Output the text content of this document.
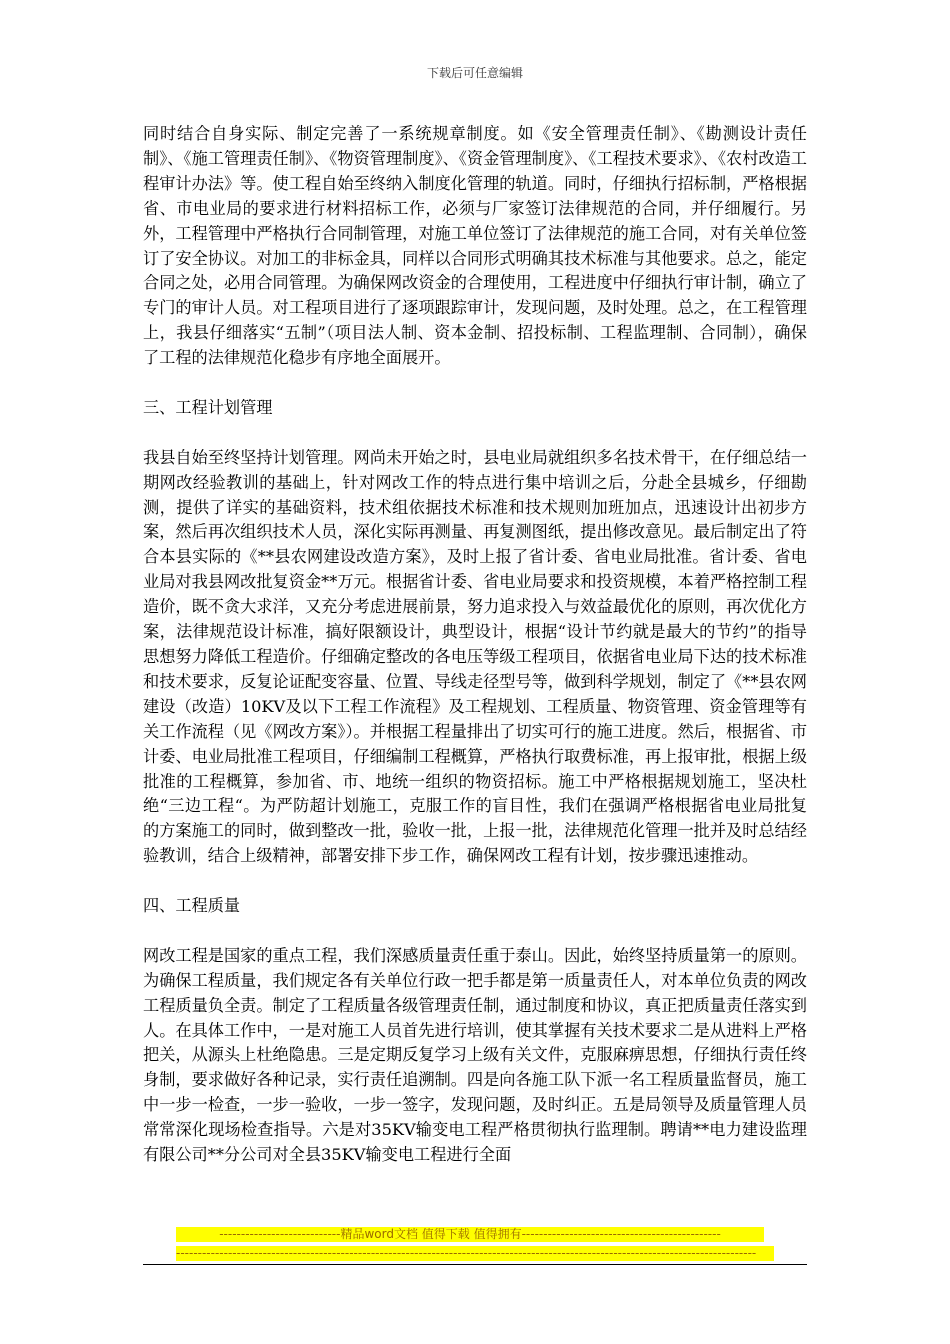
下载后可任意编辑

同时结合自身实际、制定完善了一系统规章制度。如《安全管理责任制》、《勘测设计责任制》、《施工管理责任制》、《物资管理制度》、《资金管理制度》、《工程技术要求》、《农村改造工程审计办法》等。使工程自始至终纳入制度化管理的轨道。同时，仔细执行招标制，严格根据省、市电业局的要求进行材料招标工作，必须与厂家签订法律规范的合同，并仔细履行。另外，工程管理中严格执行合同制管理，对施工单位签订了法律规范的施工合同，对有关单位签订了安全协议。对加工的非标金具，同样以合同形式明确其技术标准与其他要求。总之，能定合同之处，必用合同管理。为确保网改资金的合理使用，工程进度中仔细执行审计制，确立了专门的审计人员。对工程项目进行了逐项跟踪审计，发现问题，及时处理。总之，在工程管理上，我县仔细落实“五制”（项目法人制、资本金制、招投标制、工程监理制、合同制），确保了工程的法律规范化稳步有序地全面展开。

三、工程计划管理

我县自始至终坚持计划管理。网尚未开始之时，县电业局就组织多名技术骨干，在仔细总结一期网改经验教训的基础上，针对网改工作的特点进行集中培训之后，分赴全县城乡，仔细勘测，提供了详实的基础资料，技术组依据技术标准和技术规则加班加点，迅速设计出初步方案，然后再次组织技术人员，深化实际再测量、再复测图纸，提出修改意见。最后制定出了符合本县实际的《**县农网建设改造方案》，及时上报了省计委、省电业局批准。省计委、省电业局对我县网改批复资金**万元。根据省计委、省电业局要求和投资规模，本着严格控制工程造价，既不贪大求洋，又充分考虑进展前景，努力追求投入与效益最优化的原则，再次优化方案，法律规范设计标准，搞好限额设计，典型设计，根据“设计节约就是最大的节约”的指导思想努力降低工程造价。仔细确定整改的各电压等级工程项目，依据省电业局下达的技术标准和技术要求，反复论证配变容量、位置、导线走径型号等，做到科学规划，制定了《**县农网建设（改造）10KV及以下工程工作流程》及工程规划、工程质量、物资管理、资金管理等有关工作流程（见《网改方案》）。并根据工程量排出了切实可行的施工进度。然后，根据省、市计委、电业局批准工程项目，仔细编制工程概算，严格执行取费标准，再上报审批，根据上级批准的工程概算，参加省、市、地统一组织的物资招标。施工中严格根据规划施工，坚决杜绝“三边工程“。为严防超计划施工，克服工作的盲目性，我们在强调严格根据省电业局批复的方案施工的同时，做到整改一批，验收一批，上报一批，法律规范化管理一批并及时总结经验教训，结合上级精神，部署安排下步工作，确保网改工程有计划，按步骤迅速推动。

四、工程质量

网改工程是国家的重点工程，我们深感质量责任重于泰山。因此，始终坚持质量第一的原则。为确保工程质量，我们规定各有关单位行政一把手都是第一质量责任人，对本单位负责的网改工程质量负全责。制定了工程质量各级管理责任制，通过制度和协议，真正把质量责任落实到人。在具体工作中，一是对施工人员首先进行培训，使其掌握有关技术要求二是从进料上严格把关，从源头上杜绝隐患。三是定期反复学习上级有关文件，克服麻痹思想，仔细执行责任终身制，要求做好各种记录，实行责任追溯制。四是向各施工队下派一名工程质量监督员，施工中一步一检查，一步一验收，一步一签字，发现问题，及时纠正。五是局领导及质量管理人员常常深化现场检查指导。六是对35KV输变电工程严格贯彻执行监理制。聘请**电力建设监理有限公司**分公司对全县35KV输变电工程进行全面

----------------------------精品word文档 值得下载 值得拥有----------------------------------------------
--------------------------------------------------------------------------------------------------------------------------------------
